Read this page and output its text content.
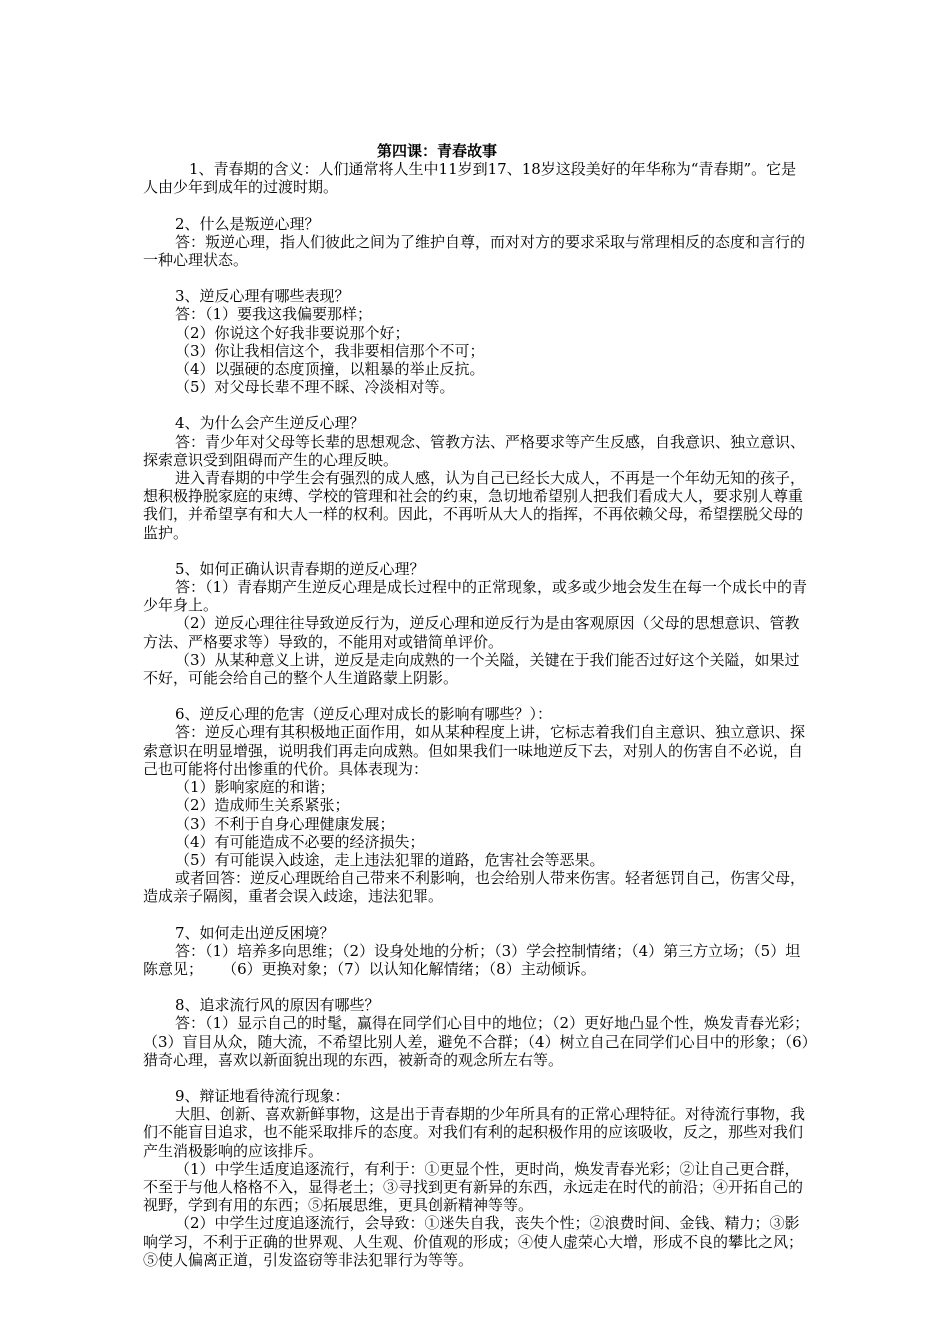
第四课：青春故事

1、青春期的含义：人们通常将人生中11岁到17、18岁这段美好的年华称为“青春期”。它是人由少年到成年的过渡时期。

2、什么是叛逆心理？

答：叛逆心理，指人们彼此之间为了维护自尊，而对对方的要求采取与常理相反的态度和言行的一种心理状态。

3、逆反心理有哪些表现？

答：（1）要我这我偏要那样；

（2）你说这个好我非要说那个好；

（3）你让我相信这个，我非要相信那个不可；

（4）以强硬的态度顶撞，以粗暴的举止反抗。

（5）对父母长辈不理不睬、冷淡相对等。

4、为什么会产生逆反心理？

答：青少年对父母等长辈的思想观念、管教方法、严格要求等产生反感，自我意识、独立意识、探索意识受到阻碍而产生的心理反映。

进入青春期的中学生会有强烈的成人感，认为自己已经长大成人，不再是一个年幼无知的孩子，想积极挣脱家庭的束缚、学校的管理和社会的约束，急切地希望别人把我们看成大人，要求别人尊重我们，并希望享有和大人一样的权利。因此，不再听从大人的指挥，不再依赖父母，希望摆脱父母的监护。

5、如何正确认识青春期的逆反心理？

答：（1）青春期产生逆反心理是成长过程中的正常现象，或多或少地会发生在每一个成长中的青少年身上。

（2）逆反心理往往导致逆反行为，逆反心理和逆反行为是由客观原因（父母的思想意识、管教方法、严格要求等）导致的，不能用对或错简单评价。

（3）从某种意义上讲，逆反是走向成熟的一个关隘，关键在于我们能否过好这个关隘，如果过不好，可能会给自己的整个人生道路蒙上阴影。

6、逆反心理的危害（逆反心理对成长的影响有哪些？）：

答：逆反心理有其积极地正面作用，如从某种程度上讲，它标志着我们自主意识、独立意识、探索意识在明显增强，说明我们再走向成熟。但如果我们一味地逆反下去，对别人的伤害自不必说，自己也可能将付出惨重的代价。具体表现为：

（1）影响家庭的和谐；

（2）造成师生关系紧张；

（3）不利于自身心理健康发展；

（4）有可能造成不必要的经济损失；

（5）有可能误入歧途，走上违法犯罪的道路，危害社会等恶果。

或者回答：逆反心理既给自己带来不利影响，也会给别人带来伤害。轻者惩罚自己，伤害父母，造成亲子隔阂，重者会误入歧途，违法犯罪。

7、如何走出逆反困境？

答：（1）培养多向思维；（2）设身处地的分析；（3）学会控制情绪；（4）第三方立场；（5）坦陈意见；    （6）更换对象；（7）以认知化解情绪；（8）主动倾诉。

8、追求流行风的原因有哪些？

答：（1）显示自己的时髦，赢得在同学们心目中的地位；（2）更好地凸显个性，焕发青春光彩；（3）盲目从众，随大流，不希望比别人差，避免不合群；（4）树立自己在同学们心目中的形象；（6）猎奇心理，喜欢以新面貌出现的东西，被新奇的观念所左右等。

9、辩证地看待流行现象：

大胆、创新、喜欢新鲜事物，这是出于青春期的少年所具有的正常心理特征。对待流行事物，我们不能盲目追求，也不能采取排斥的态度。对我们有利的起积极作用的应该吸收，反之，那些对我们产生消极影响的应该排斥。

（1）中学生适度追逐流行，有利于：①更显个性，更时尚，焕发青春光彩；②让自己更合群，不至于与他人格格不入，显得老土；③寻找到更有新异的东西，永远走在时代的前沿；④开拓自己的视野，学到有用的东西；⑤拓展思维，更具创新精神等等。

（2）中学生过度追逐流行，会导致：①迷失自我，丧失个性；②浪费时间、金钱、精力；③影响学习，不利于正确的世界观、人生观、价值观的形成；④使人虚荣心大增，形成不良的攀比之风；⑤使人偏离正道，引发盗窃等非法犯罪行为等等。
